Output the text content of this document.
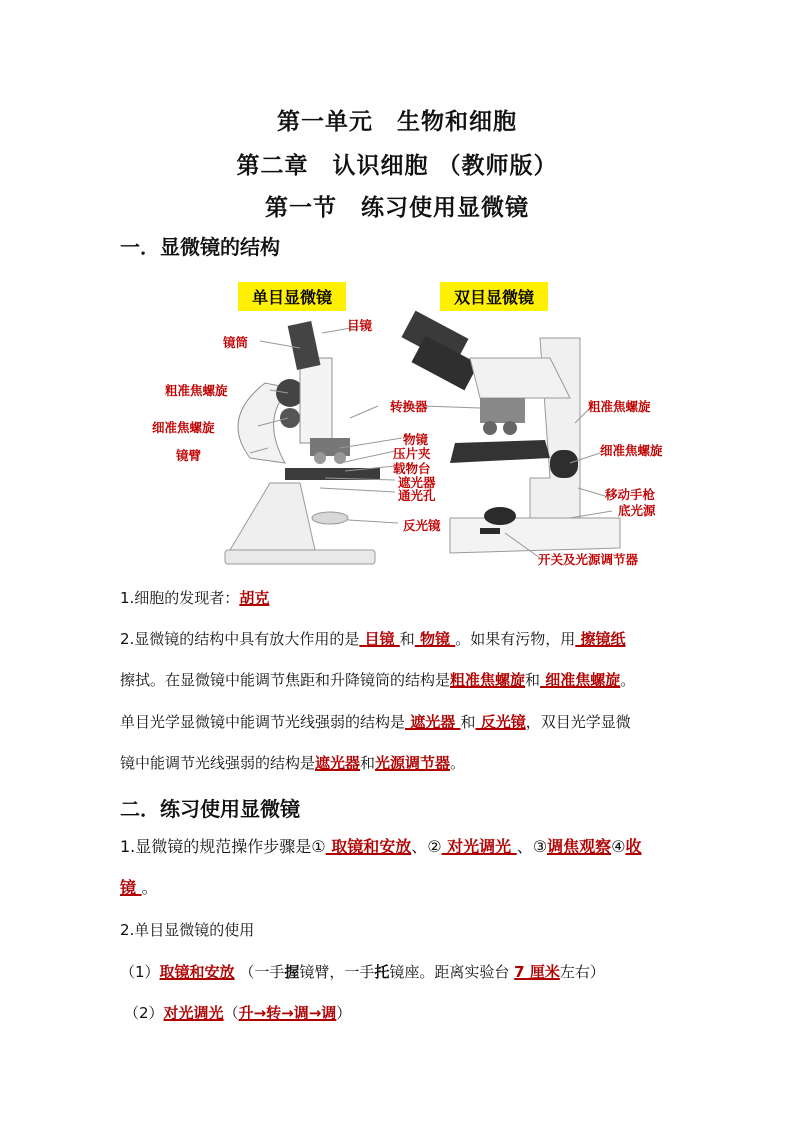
第一单元　生物和细胞
第二章　认识细胞 （教师版）
第一节　练习使用显微镜
一．显微镜的结构
单目显微镜	双目显微镜
目镜
镜筒
粗准焦螺旋
细准焦螺旋
镜臂
转换器
物镜
压片夹
载物台
遮光器
通光孔
反光镜
粗准焦螺旋
细准焦螺旋
移动手枪
底光源
开关及光源调节器
1.细胞的发现者：胡克
2.显微镜的结构中具有放大作用的是 目镜 和 物镜 。如果有污物，用 擦镜纸
擦拭。在显微镜中能调节焦距和升降镜筒的结构是粗准焦螺旋和 细准焦螺旋。
单目光学显微镜中能调节光线强弱的结构是 遮光器 和 反光镜，双目光学显微
镜中能调节光线强弱的结构是遮光器和光源调节器。
二．练习使用显微镜
1.显微镜的规范操作步骤是① 取镜和安放、② 对光调光 、③调焦观察④收
镜 。
2.单目显微镜的使用
（1）取镜和安放 （一手握镜臂，一手托镜座。距离实验台 7 厘米左右）
（2）对光调光（升→转→调→调）
